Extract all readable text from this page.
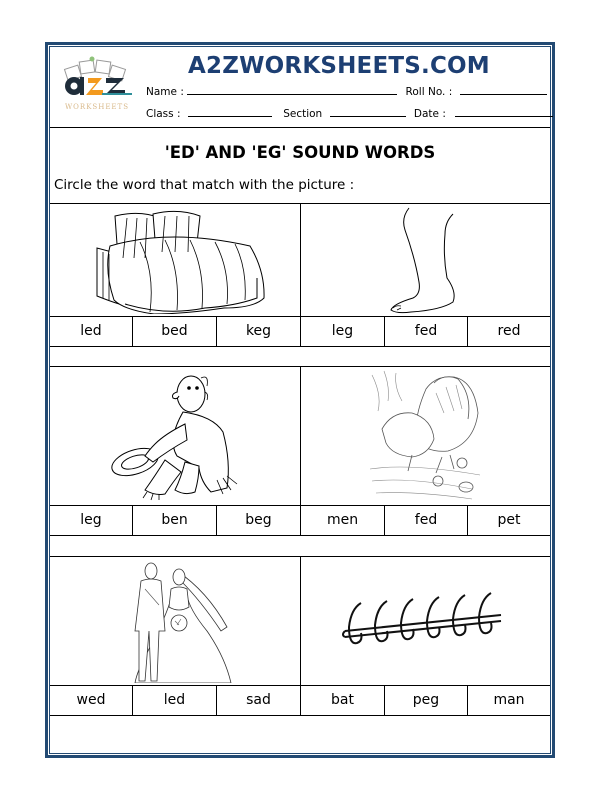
WORKSHEETS
A2ZWORKSHEETS.COM
Name :	Roll No. :
Class :	Section	Date :
'ED' AND 'EG' SOUND WORDS
Circle the word that match with the picture :
led	bed	keg	leg	fed	red
leg	ben	beg	men	fed	pet
wed	led	sad	bat	peg	man
